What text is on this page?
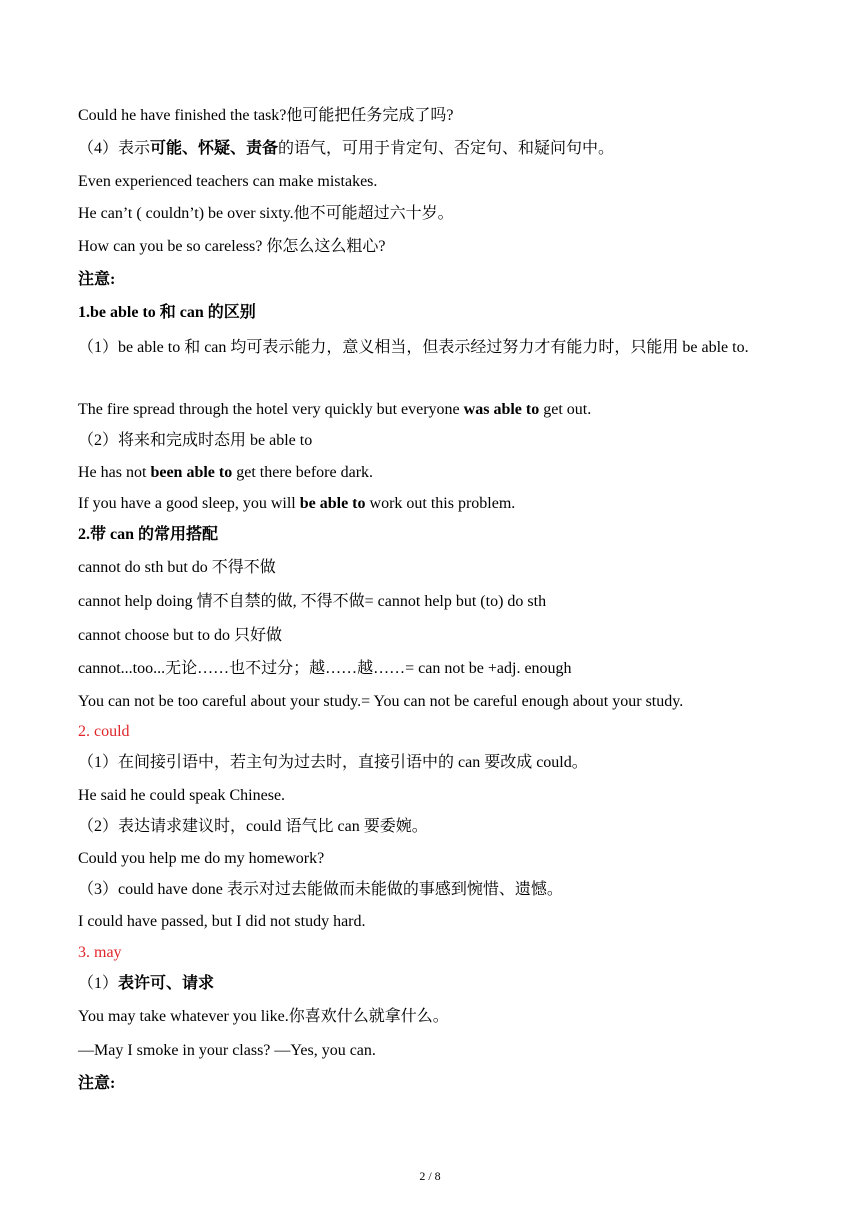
Could he have finished the task?他可能把任务完成了吗?
（4）表示可能、怀疑、责备的语气，可用于肯定句、否定句、和疑问句中。
Even experienced teachers can make mistakes.
He can’t ( couldn’t) be over sixty.他不可能超过六十岁。
How can you be so careless? 你怎么这么粗心?
注意:
1.be able to 和 can 的区别
（1）be able to 和 can 均可表示能力，意义相当，但表示经过努力才有能力时，只能用 be able to.
The fire spread through the hotel very quickly but everyone was able to get out.
（2）将来和完成时态用 be able to
He has not been able to get there before dark.
If you have a good sleep, you will be able to work out this problem.
2.带 can 的常用搭配
cannot do sth but do 不得不做
cannot help doing 情不自禁的做, 不得不做= cannot help but (to) do sth
cannot choose but to do 只好做
cannot...too...无论……也不过分；越……越……= can not be +adj. enough
You can not be too careful about your study.= You can not be careful enough about your study.
2. could
（1）在间接引语中，若主句为过去时，直接引语中的 can 要改成 could。
He said he could speak Chinese.
（2）表达请求建议时，could 语气比 can 要委婉。
Could you help me do my homework?
（3）could have done 表示对过去能做而未能做的事感到惋惜、遗憾。
I could have passed, but I did not study hard.
3. may
（1）表许可、请求
You may take whatever you like.你喜欢什么就拿什么。
—May I smoke in your class? —Yes, you can.
注意:
2 / 8
